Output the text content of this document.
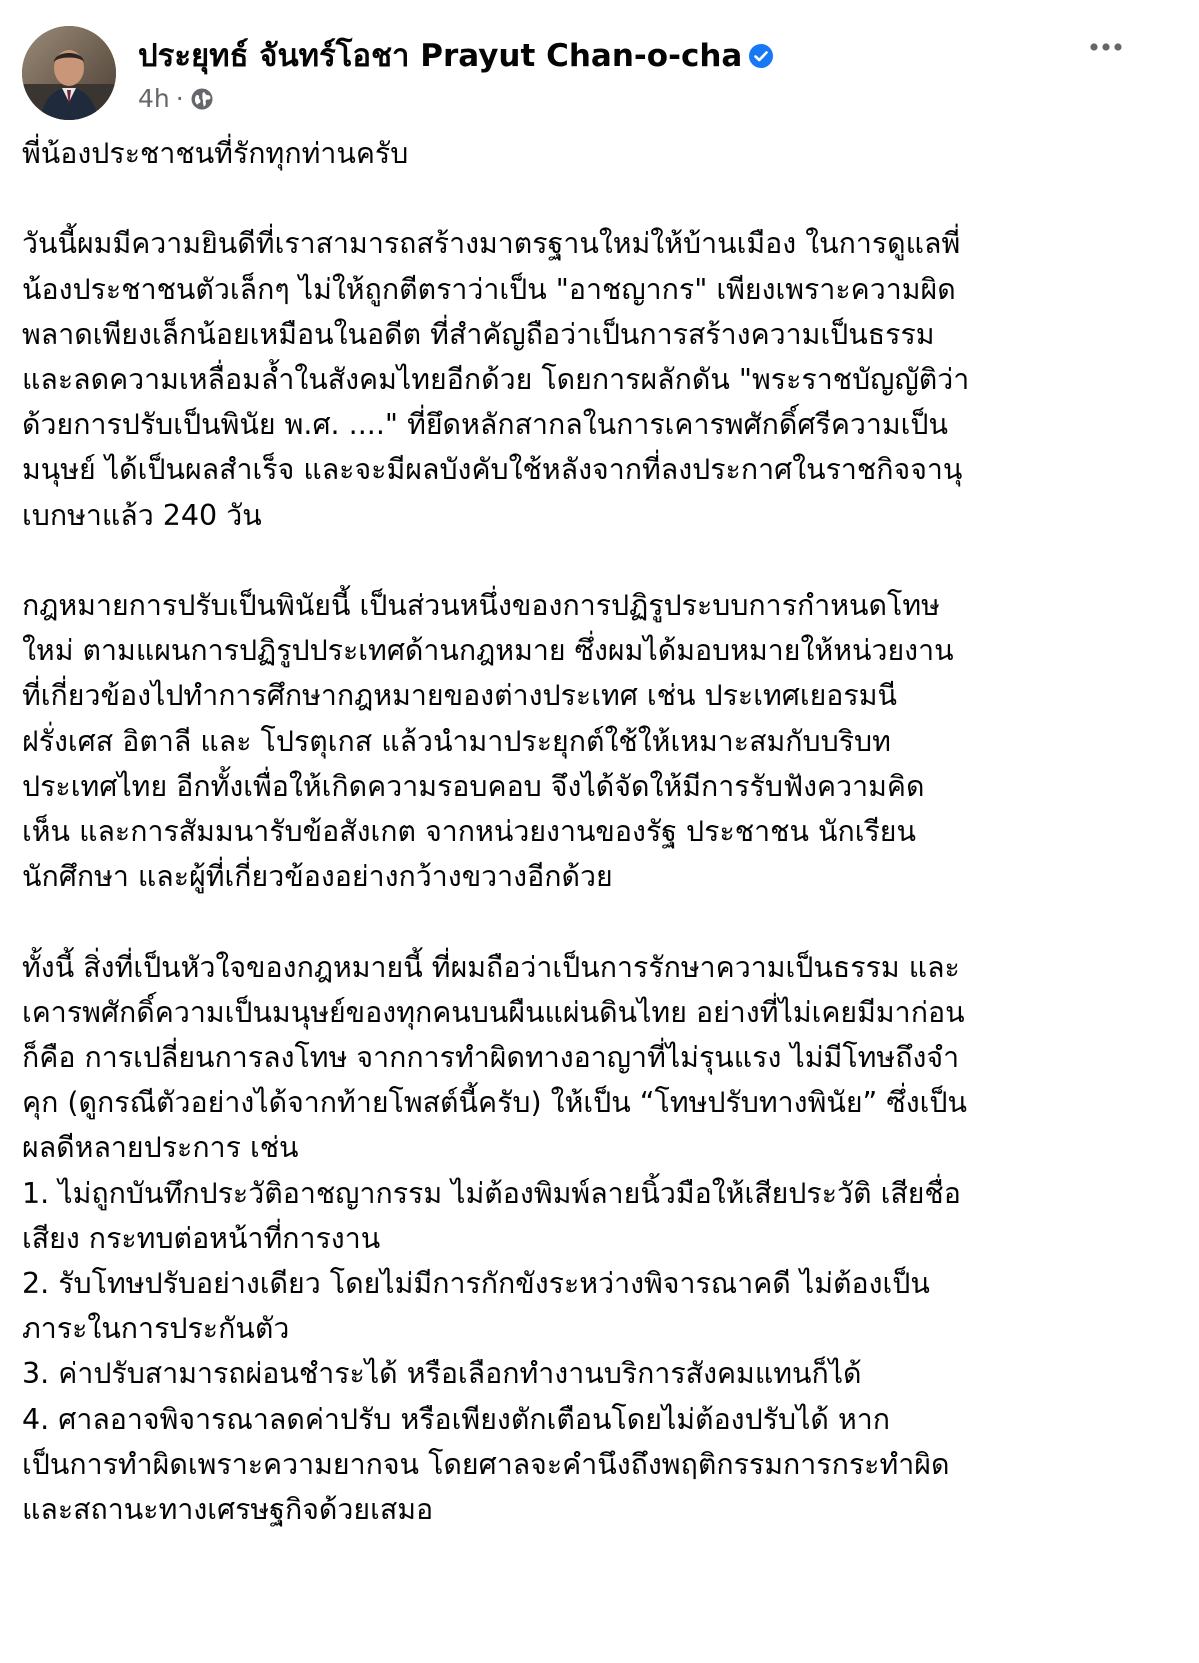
ประยุทธ์ จันทร์โอชา Prayut Chan-o-cha
4h ·

พี่น้องประชาชนที่รักทุกท่านครับ

วันนี้ผมมีความยินดีที่เราสามารถสร้างมาตรฐานใหม่ให้บ้านเมือง ในการดูแลพี่
น้องประชาชนตัวเล็กๆ ไม่ให้ถูกตีตราว่าเป็น "อาชญากร" เพียงเพราะความผิด
พลาดเพียงเล็กน้อยเหมือนในอดีต ที่สำคัญถือว่าเป็นการสร้างความเป็นธรรม
และลดความเหลื่อมล้ำในสังคมไทยอีกด้วย โดยการผลักดัน "พระราชบัญญัติว่า
ด้วยการปรับเป็นพินัย พ.ศ. ...." ที่ยึดหลักสากลในการเคารพศักดิ์ศรีความเป็น
มนุษย์ ได้เป็นผลสำเร็จ และจะมีผลบังคับใช้หลังจากที่ลงประกาศในราชกิจจานุ
เบกษาแล้ว 240 วัน

กฎหมายการปรับเป็นพินัยนี้ เป็นส่วนหนึ่งของการปฏิรูประบบการกำหนดโทษ
ใหม่ ตามแผนการปฏิรูปประเทศด้านกฎหมาย ซึ่งผมได้มอบหมายให้หน่วยงาน
ที่เกี่ยวข้องไปทำการศึกษากฎหมายของต่างประเทศ เช่น ประเทศเยอรมนี
ฝรั่งเศส อิตาลี และ โปรตุเกส แล้วนำมาประยุกต์ใช้ให้เหมาะสมกับบริบท
ประเทศไทย อีกทั้งเพื่อให้เกิดความรอบคอบ จึงได้จัดให้มีการรับฟังความคิด
เห็น และการสัมมนารับข้อสังเกต จากหน่วยงานของรัฐ ประชาชน นักเรียน
นักศึกษา และผู้ที่เกี่ยวข้องอย่างกว้างขวางอีกด้วย

ทั้งนี้ สิ่งที่เป็นหัวใจของกฎหมายนี้ ที่ผมถือว่าเป็นการรักษาความเป็นธรรม และ
เคารพศักดิ์ความเป็นมนุษย์ของทุกคนบนผืนแผ่นดินไทย อย่างที่ไม่เคยมีมาก่อน
ก็คือ การเปลี่ยนการลงโทษ จากการทำผิดทางอาญาที่ไม่รุนแรง ไม่มีโทษถึงจำ
คุก (ดูกรณีตัวอย่างได้จากท้ายโพสต์นี้ครับ) ให้เป็น “โทษปรับทางพินัย” ซึ่งเป็น
ผลดีหลายประการ เช่น
1. ไม่ถูกบันทึกประวัติอาชญากรรม ไม่ต้องพิมพ์ลายนิ้วมือให้เสียประวัติ เสียชื่อ
เสียง กระทบต่อหน้าที่การงาน
2. รับโทษปรับอย่างเดียว โดยไม่มีการกักขังระหว่างพิจารณาคดี ไม่ต้องเป็น
ภาระในการประกันตัว
3. ค่าปรับสามารถผ่อนชำระได้ หรือเลือกทำงานบริการสังคมแทนก็ได้
4. ศาลอาจพิจารณาลดค่าปรับ หรือเพียงตักเตือนโดยไม่ต้องปรับได้ หาก
เป็นการทำผิดเพราะความยากจน โดยศาลจะคำนึงถึงพฤติกรรมการกระทำผิด
และสถานะทางเศรษฐกิจด้วยเสมอ
